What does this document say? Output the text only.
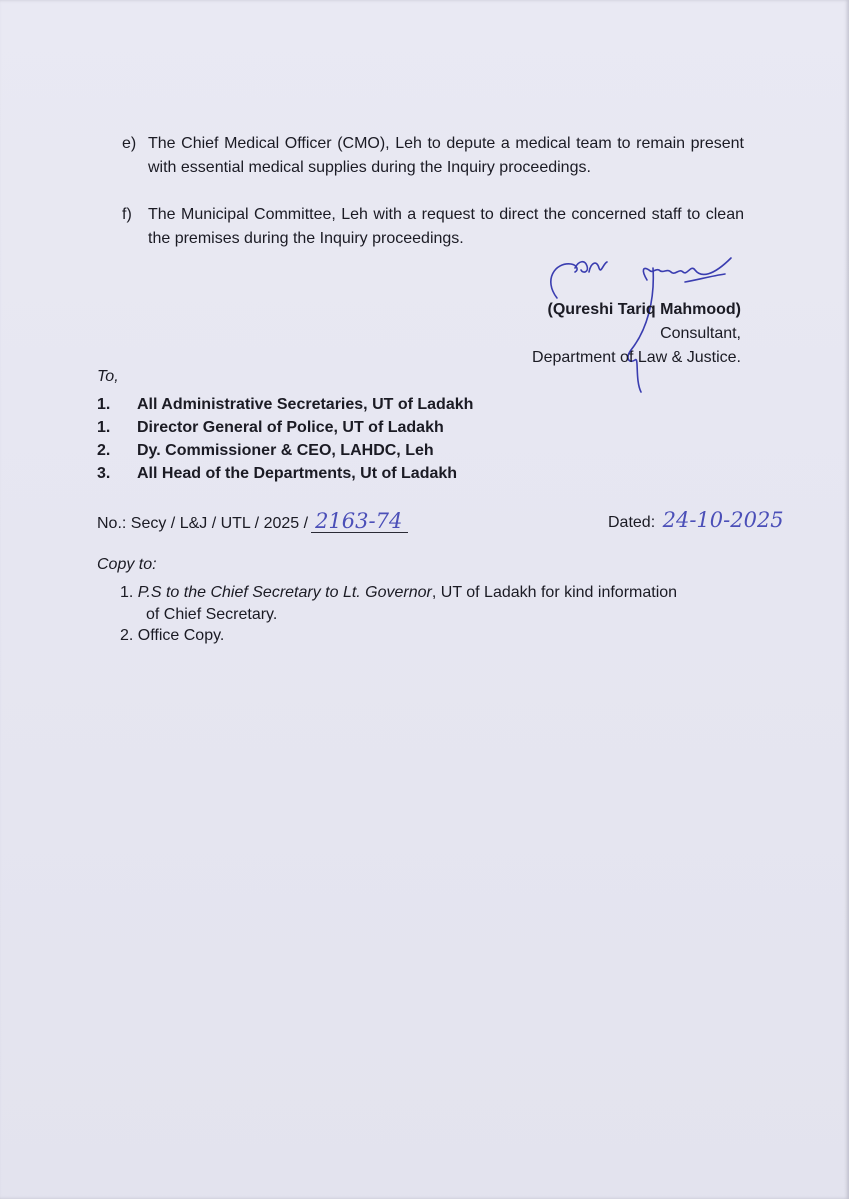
e) The Chief Medical Officer (CMO), Leh to depute a medical team to remain present with essential medical supplies during the Inquiry proceedings.
f) The Municipal Committee, Leh with a request to direct the concerned staff to clean the premises during the Inquiry proceedings.
(Qureshi Tariq Mahmood)
Consultant,
Department of Law & Justice.
To,
1. All Administrative Secretaries, UT of Ladakh
1. Director General of Police, UT of Ladakh
2. Dy. Commissioner & CEO, LAHDC, Leh
3. All Head of the Departments, Ut of Ladakh
No.: Secy / L&J / UTL / 2025 / 2163-74	Dated: 24-10-2025
Copy to:
1. P.S to the Chief Secretary to Lt. Governor, UT of Ladakh for kind information
of Chief Secretary.
2. Office Copy.
